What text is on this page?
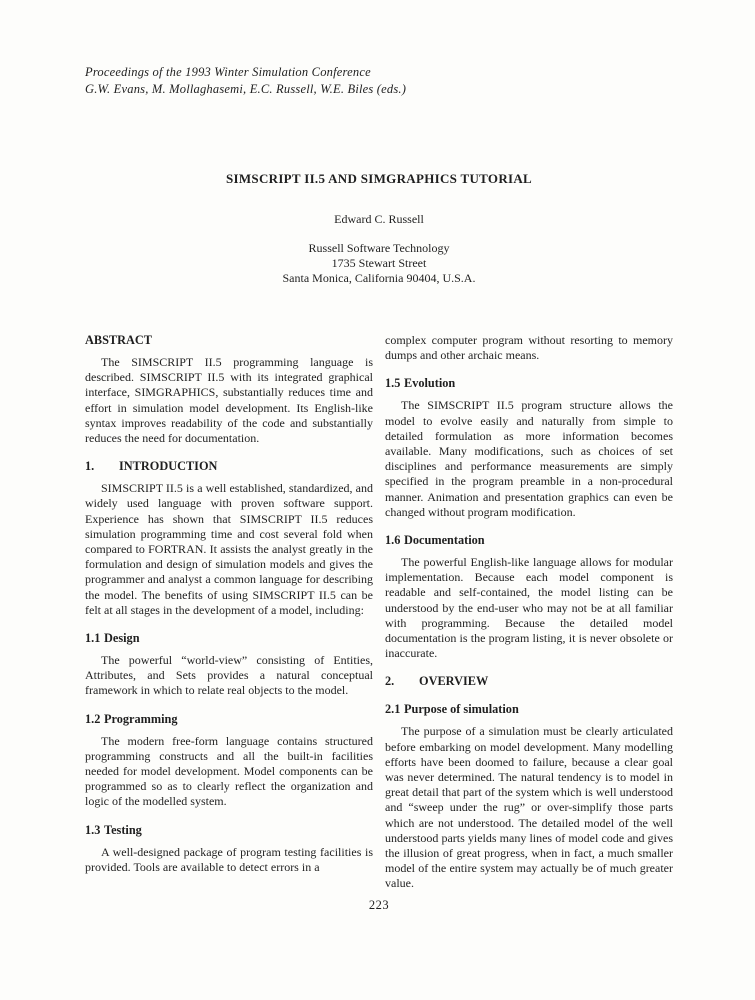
Proceedings of the 1993 Winter Simulation Conference
G.W. Evans, M. Mollaghasemi, E.C. Russell, W.E. Biles (eds.)
SIMSCRIPT II.5 AND SIMGRAPHICS TUTORIAL
Edward C. Russell
Russell Software Technology
1735 Stewart Street
Santa Monica, California 90404, U.S.A.
ABSTRACT

The SIMSCRIPT II.5 programming language is described. SIMSCRIPT II.5 with its integrated graphical interface, SIMGRAPHICS, substantially reduces time and effort in simulation model development. Its English-like syntax improves readability of the code and substantially reduces the need for documentation.

1. INTRODUCTION

SIMSCRIPT II.5 is a well established, standardized, and widely used language with proven software support. Experience has shown that SIMSCRIPT II.5 reduces simulation programming time and cost several fold when compared to FORTRAN. It assists the analyst greatly in the formulation and design of simulation models and gives the programmer and analyst a common language for describing the model. The benefits of using SIMSCRIPT II.5 can be felt at all stages in the development of a model, including:

1.1 Design

The powerful “world-view” consisting of Entities, Attributes, and Sets provides a natural conceptual framework in which to relate real objects to the model.

1.2 Programming

The modern free-form language contains structured programming constructs and all the built-in facilities needed for model development. Model components can be programmed so as to clearly reflect the organization and logic of the modelled system.

1.3 Testing

A well-designed package of program testing facilities is provided. Tools are available to detect errors in a

complex computer program without resorting to memory dumps and other archaic means.

1.5 Evolution

The SIMSCRIPT II.5 program structure allows the model to evolve easily and naturally from simple to detailed formulation as more information becomes available. Many modifications, such as choices of set disciplines and performance measurements are simply specified in the program preamble in a non-procedural manner. Animation and presentation graphics can even be changed without program modification.

1.6 Documentation

The powerful English-like language allows for modular implementation. Because each model component is readable and self-contained, the model listing can be understood by the end-user who may not be at all familiar with programming. Because the detailed model documentation is the program listing, it is never obsolete or inaccurate.

2. OVERVIEW
2.1 Purpose of simulation

The purpose of a simulation must be clearly articulated before embarking on model development. Many modelling efforts have been doomed to failure, because a clear goal was never determined. The natural tendency is to model in great detail that part of the system which is well understood and “sweep under the rug” or over-simplify those parts which are not understood. The detailed model of the well understood parts yields many lines of model code and gives the illusion of great progress, when in fact, a much smaller model of the entire system may actually be of much greater value.

223
